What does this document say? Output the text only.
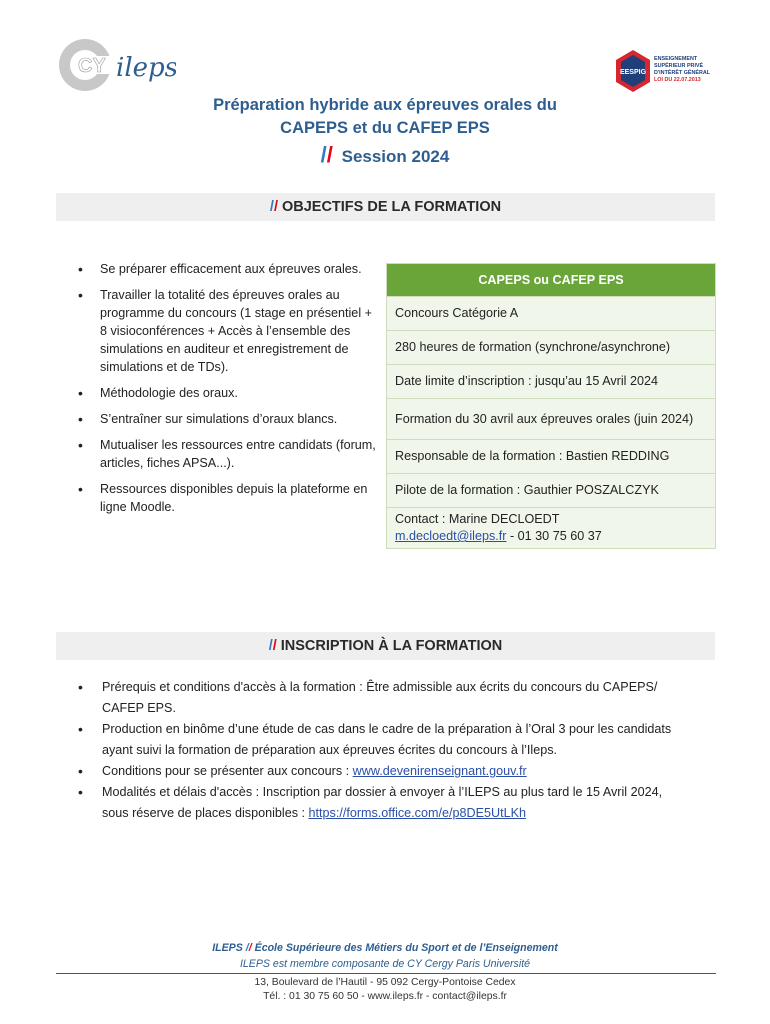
CY ileps	EESPIG
ENSEIGNEMENT
SUPÉRIEUR PRIVÉ
D'INTÉRÊT GÉNÉRAL
LOI DU 22.07.2013
Préparation hybride aux épreuves orales du
CAPEPS et du CAFEP EPS
// Session 2024
// OBJECTIFS DE LA FORMATION
• Se préparer efficacement aux épreuves orales.
• Travailler la totalité des épreuves orales au programme du concours (1 stage en présentiel + 8 visioconférences + Accès à l’ensemble des simulations en auditeur et enregistrement de simulations et de TDs).
• Méthodologie des oraux.
• S’entraîner sur simulations d’oraux blancs.
• Mutualiser les ressources entre candidats (forum, articles, fiches APSA...).
• Ressources disponibles depuis la plateforme en ligne Moodle.
CAPEPS ou CAFEP EPS
Concours Catégorie A
280 heures de formation (synchrone/asynchrone)
Date limite d’inscription : jusqu’au 15 Avril 2024
Formation du 30 avril aux épreuves orales (juin 2024)
Responsable de la formation : Bastien REDDING
Pilote de la formation : Gauthier POSZALCZYK

Contact : Marine DECLOEDT
m.decloedt@ileps.fr - 01 30 75 60 37
// INSCRIPTION À LA FORMATION
• Prérequis et conditions d'accès à la formation : Être admissible aux écrits du concours du CAPEPS/ CAFEP EPS.
• Production en binôme d’une étude de cas dans le cadre de la préparation à l’Oral 3 pour les candidats ayant suivi la formation de préparation aux épreuves écrites du concours à l’Ileps.
• Conditions pour se présenter aux concours : www.devenirenseignant.gouv.fr
• Modalités et délais d'accès : Inscription par dossier à envoyer à l’ILEPS au plus tard le 15 Avril 2024, sous réserve de places disponibles : https://forms.office.com/e/p8DE5UtLKh
ILEPS // École Supérieure des Métiers du Sport et de l’Enseignement
ILEPS est membre composante de CY Cergy Paris Université
13, Boulevard de l’Hautil - 95 092 Cergy-Pontoise Cedex
Tél. : 01 30 75 60 50 - www.ileps.fr - contact@ileps.fr
